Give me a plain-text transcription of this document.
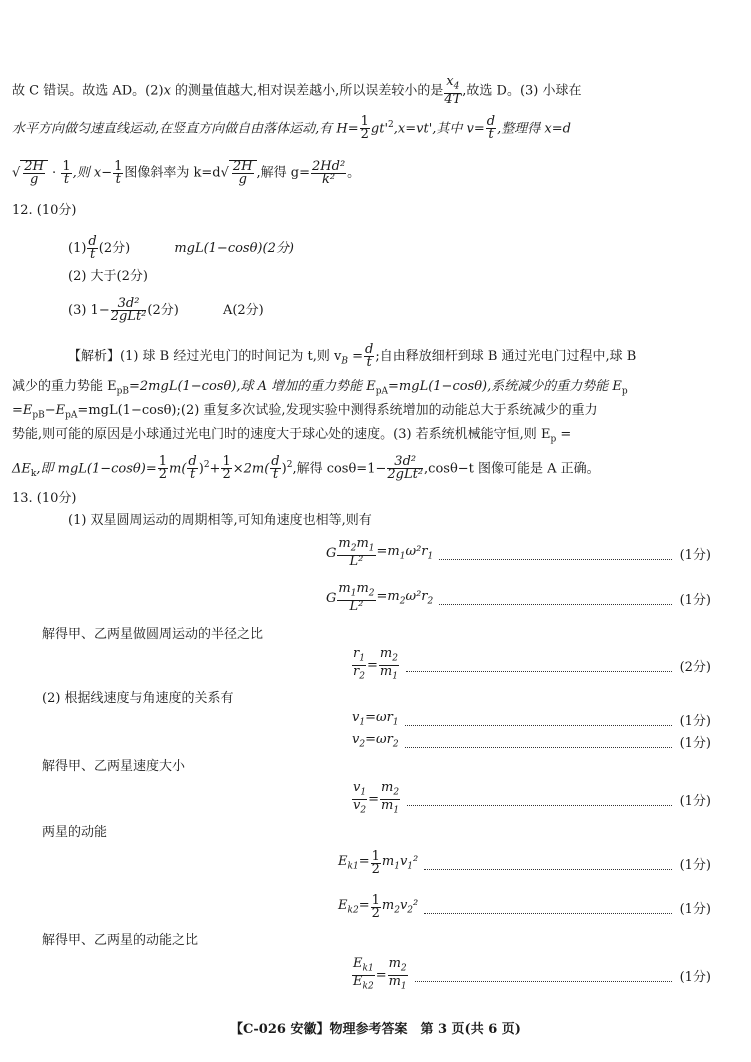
故 C 错误。故选 AD。(2)x 的测量值越大,相对误差越小,所以误差较小的是 $\frac{x_4}{4T}$ ,故选 D。(3) 小球在
水平方向做匀速直线运动,在竖直方向做自由落体运动,有 $H= \frac{1}{2} gt'^2,x=vt'$,其中 $v= \frac{d}{t}$ ,整理得 x=d
√ $\frac{2H}{g} \cdot \frac{1}{t}$ ,则 $x- \frac{1}{t}$ 图像斜率为 $k=d√ \frac{2H}{g}$ ,解得 $g= \frac{\text{2Hd²}}{\text{k²}}$ 。
12. (10分)
$(1) \frac{d}{t} (2$分)	mgL(1−cosθ)(2分)
(2) 大于(2分)
(3) $1- \frac{\text{3d²}}{\text{2gLt²}} (2$分)	A(2分)
【解析】(1) 球 B 经过光电门的时间记为 t,则 $v_B = \frac{d}{t}$ ;自由释放细杆到球 B 通过光电门过程中,球 B
减少的重力势能 $E_{pB}=2mgL(1-\cos\theta)$,球 A 增加的重力势能 $E_{pA}=mgL(1-\cos\theta)$,系统减少的重力势能 $E_p$
$=E_{pB}-E_{pA}=mgL(1-\cos\theta);(2)$ 重复多次试验,发现实验中测得系统增加的动能总大于系统减少的重力
势能,则可能的原因是小球通过光电门时的速度大于球心处的速度。(3) 若系统机械能守恒,则 $E_p$ =
$\Delta E_k$,即 $mgL(1-\cos\theta)= \frac{1}{2} m( \frac{d}{t} )^2+ \frac{1}{2} \times 2m( \frac{d}{t} )^2$,解得 $\cos\theta=1- \frac{\text{3d²}}{\text{2gLt²}} ,\cos\theta-t$ 图像可能是 A 正确。
13. (10分)
(1) 双星圆周运动的周期相等,可知角速度也相等,则有
G $\frac{m_2m_1}{\text{L²}} =m_1\omega^2r_1$	(1分)
G $\frac{m_1m_2}{\text{L²}} =m_2\omega^2r_2$	(1分)
解得甲、乙两星做圆周运动的半径之比
$\frac{r_1}{r_2} = \frac{m_2}{m_1}$	(2分)
(2) 根据线速度与角速度的关系有
$v_1=\omega r_1$	(1分)
$v_2=\omega r_2$	(1分)
解得甲、乙两星速度大小
$\frac{v_1}{v_2} = \frac{m_2}{m_1}$	(1分)
两星的动能
$E_{k1}= \frac{1}{2} m_1v_1^2$	(1分)
$E_{k2}= \frac{1}{2} m_2v_2^2$	(1分)
解得甲、乙两星的动能之比
$\frac{E_{k1}}{E_{k2}} = \frac{m_2}{m_1}$	(1分)
【C-026 安徽】物理参考答案　第 3 页(共 6 页)
